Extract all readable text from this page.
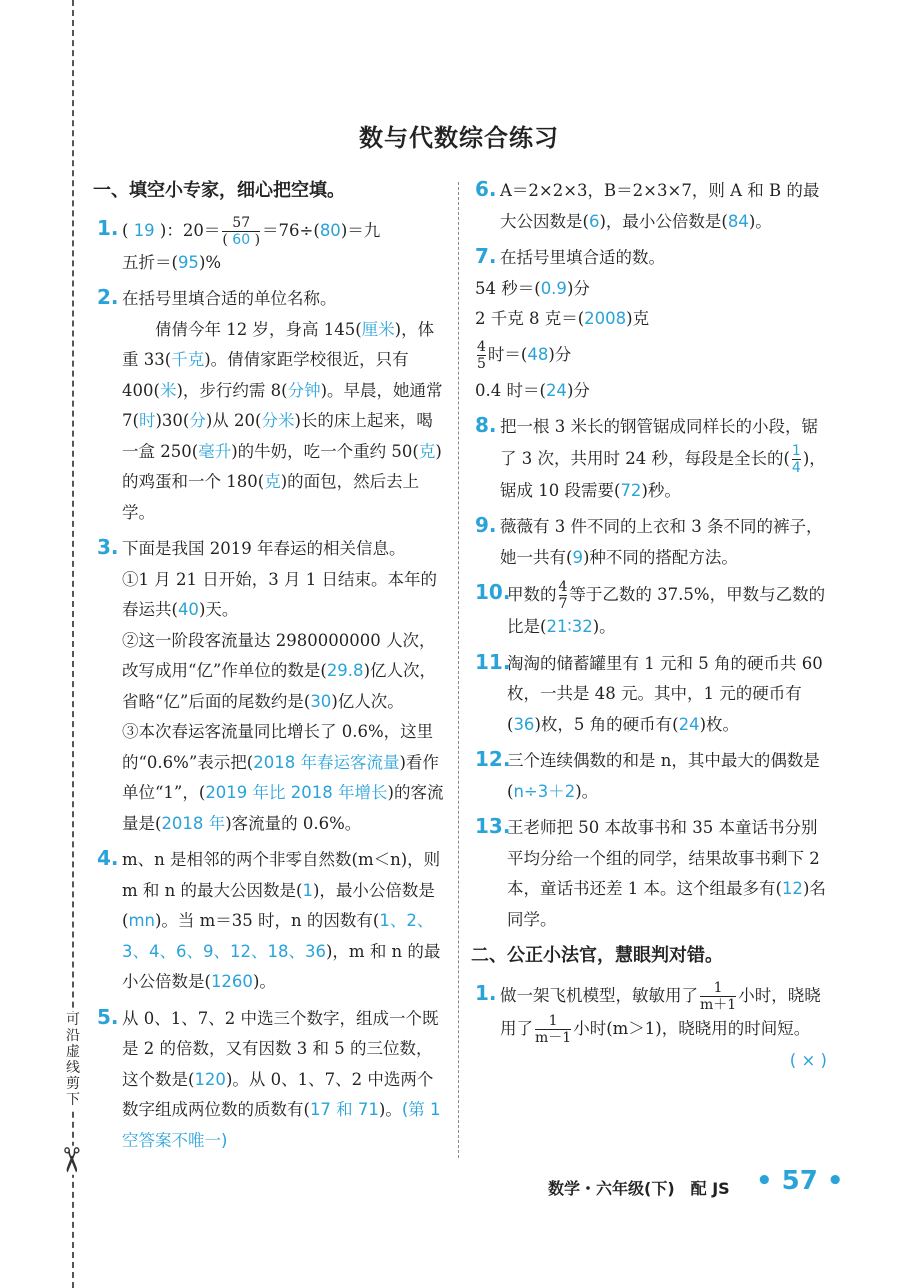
可沿虚线剪下
✂
数与代数综合练习
一、填空小专家，细心把空填。
1. ( 19 )：$20= \frac{57}{( 60 )} =76\div(80)=$九
五折＝(95)%
2. 在括号里填合适的单位名称。
倩倩今年 12 岁，身高 145(厘米)，体重 33(千克)。倩倩家距学校很近，只有 400(米)，步行约需 8(分钟)。早晨，她通常 7(时)30(分)从 20(分米)长的床上起来，喝一盒 250(毫升)的牛奶，吃一个重约 50(克)的鸡蛋和一个 180(克)的面包，然后去上学。
3. 下面是我国 2019 年春运的相关信息。
①1 月 21 日开始，3 月 1 日结束。本年的春运共(40)天。
②这一阶段客流量达 2980000000 人次，改写成用“亿”作单位的数是(29.8)亿人次，省略“亿”后面的尾数约是(30)亿人次。
③本次春运客流量同比增长了 0.6%，这里的“0.6%”表示把(2018 年春运客流量)看作单位“1”，(2019 年比 2018 年增长)的客流量是(2018 年)客流量的 0.6%。
4. m、n 是相邻的两个非零自然数(m＜n)，则 m 和 n 的最大公因数是(1)，最小公倍数是(mn)。当 m＝35 时，n 的因数有(1、2、3、4、6、9、12、18、36)，m 和 n 的最小公倍数是(1260)。
5. 从 0、1、7、2 中选三个数字，组成一个既是 2 的倍数，又有因数 3 和 5 的三位数，这个数是(120)。从 0、1、7、2 中选两个数字组成两位数的质数有(17 和 71)。(第 1 空答案不唯一)
6. A＝2×2×3，B＝2×3×7，则 A 和 B 的最大公因数是(6)，最小公倍数是(84)。
7. 在括号里填合适的数。
54 秒＝(0.9)分
2 千克 8 克＝(2008)克
$\frac{4}{5}$ 时＝(48)分
0.4 时＝(24)分
8. 把一根 3 米长的钢管锯成同样长的小段，锯了 3 次，共用时 24 秒，每段是全长的( $\frac{1}{4}$ )，锯成 10 段需要(72)秒。
9. 薇薇有 3 件不同的上衣和 3 条不同的裤子，她一共有(9)种不同的搭配方法。
10.
甲数的 $\frac{4}{7}$ 等于乙数的 37.5%，甲数与乙数的比是(21∶32)。
11.
淘淘的储蓄罐里有 1 元和 5 角的硬币共 60 枚，一共是 48 元。其中，1 元的硬币有(36)枚，5 角的硬币有(24)枚。
12.
三个连续偶数的和是 n，其中最大的偶数是(n÷3＋2)。
13.
王老师把 50 本故事书和 35 本童话书分别平均分给一个组的同学，结果故事书剩下 2 本，童话书还差 1 本。这个组最多有(12)名同学。
二、公正小法官，慧眼判对错。
1. 做一架飞机模型，敏敏用了 $\frac{1}{m+1}$ 小时，晓晓用了 $\frac{1}{m-1}$ 小时(m＞1)，晓晓用的时间短。
( × )
数学・六年级(下)　配 JS • 57 •
